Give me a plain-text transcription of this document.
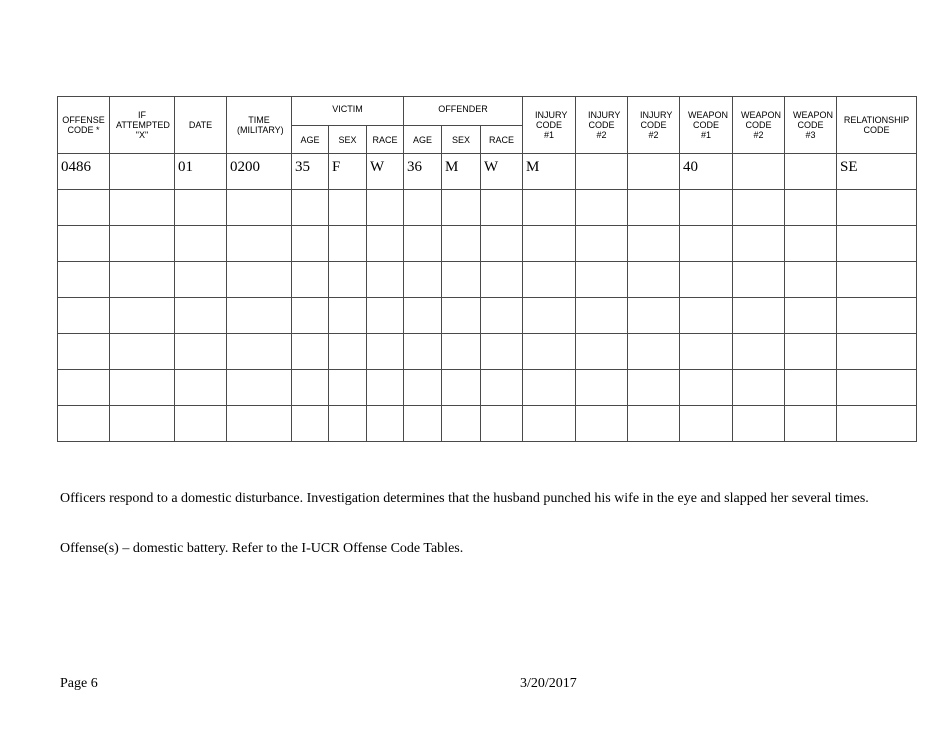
OFFENSE CODE *	IF ATTEMPTED "X"	DATE	TIME (MILITARY)	VICTIM			OFFENDER			INJURY CODE #1	INJURY CODE #2	INJURY CODE #2	WEAPON CODE #1	WEAPON CODE #2	WEAPON CODE #3	RELATIONSHIP CODE
				AGE	SEX	RACE	AGE	SEX	RACE							
0486		01	0200	35	F	W	36	M	W	M			40			SE

Officers respond to a domestic disturbance. Investigation determines that the husband punched his wife in the eye and slapped her several times.

Offense(s) – domestic battery. Refer to the I-UCR Offense Code Tables.

Page 6	3/20/2017
